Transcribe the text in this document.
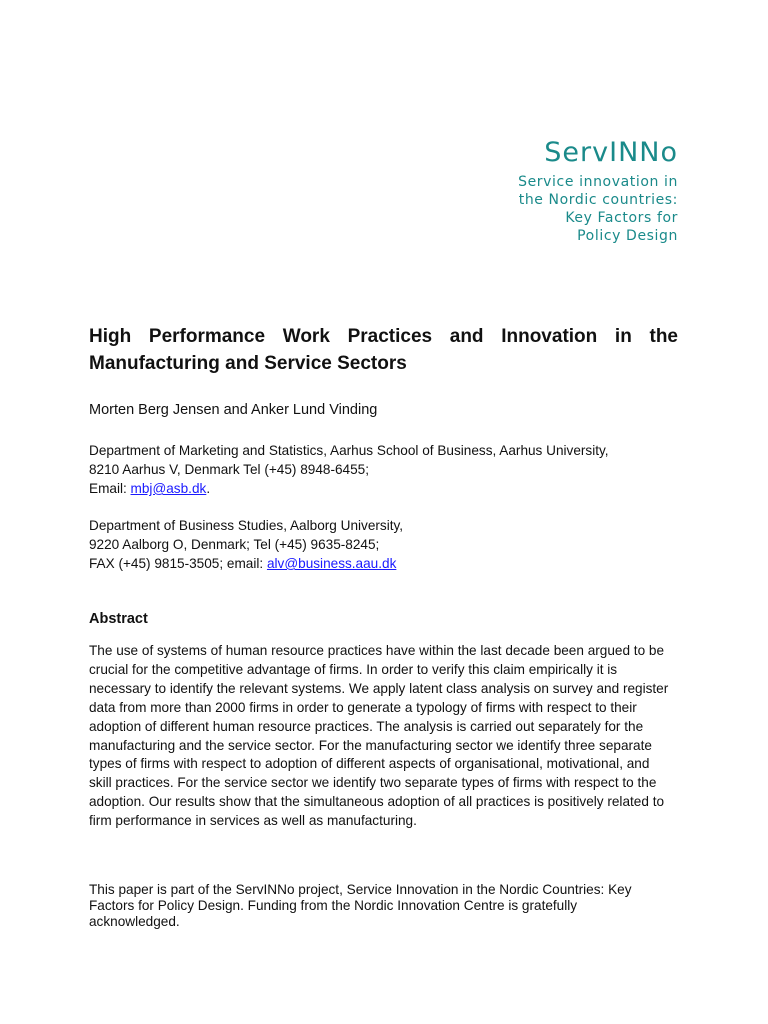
ServINNo
Service innovation in
the Nordic countries:
Key Factors for
Policy Design
High Performance Work Practices and Innovation in the Manufacturing and Service Sectors
Morten Berg Jensen and Anker Lund Vinding
Department of Marketing and Statistics, Aarhus School of Business, Aarhus University,
8210 Aarhus V, Denmark Tel (+45) 8948-6455;
Email: mbj@asb.dk.
Department of Business Studies, Aalborg University,
9220 Aalborg O, Denmark; Tel (+45) 9635-8245;
FAX (+45) 9815-3505; email: alv@business.aau.dk
Abstract
The use of systems of human resource practices have within the last decade been argued to be
crucial for the competitive advantage of firms. In order to verify this claim empirically it is
necessary to identify the relevant systems. We apply latent class analysis on survey and register
data from more than 2000 firms in order to generate a typology of firms with respect to their
adoption of different human resource practices. The analysis is carried out separately for the
manufacturing and the service sector. For the manufacturing sector we identify three separate
types of firms with respect to adoption of different aspects of organisational, motivational, and
skill practices. For the service sector we identify two separate types of firms with respect to the
adoption. Our results show that the simultaneous adoption of all practices is positively related to
firm performance in services as well as manufacturing.
This paper is part of the ServINNo project, Service Innovation in the Nordic Countries: Key
Factors for Policy Design. Funding from the Nordic Innovation Centre is gratefully
acknowledged.
